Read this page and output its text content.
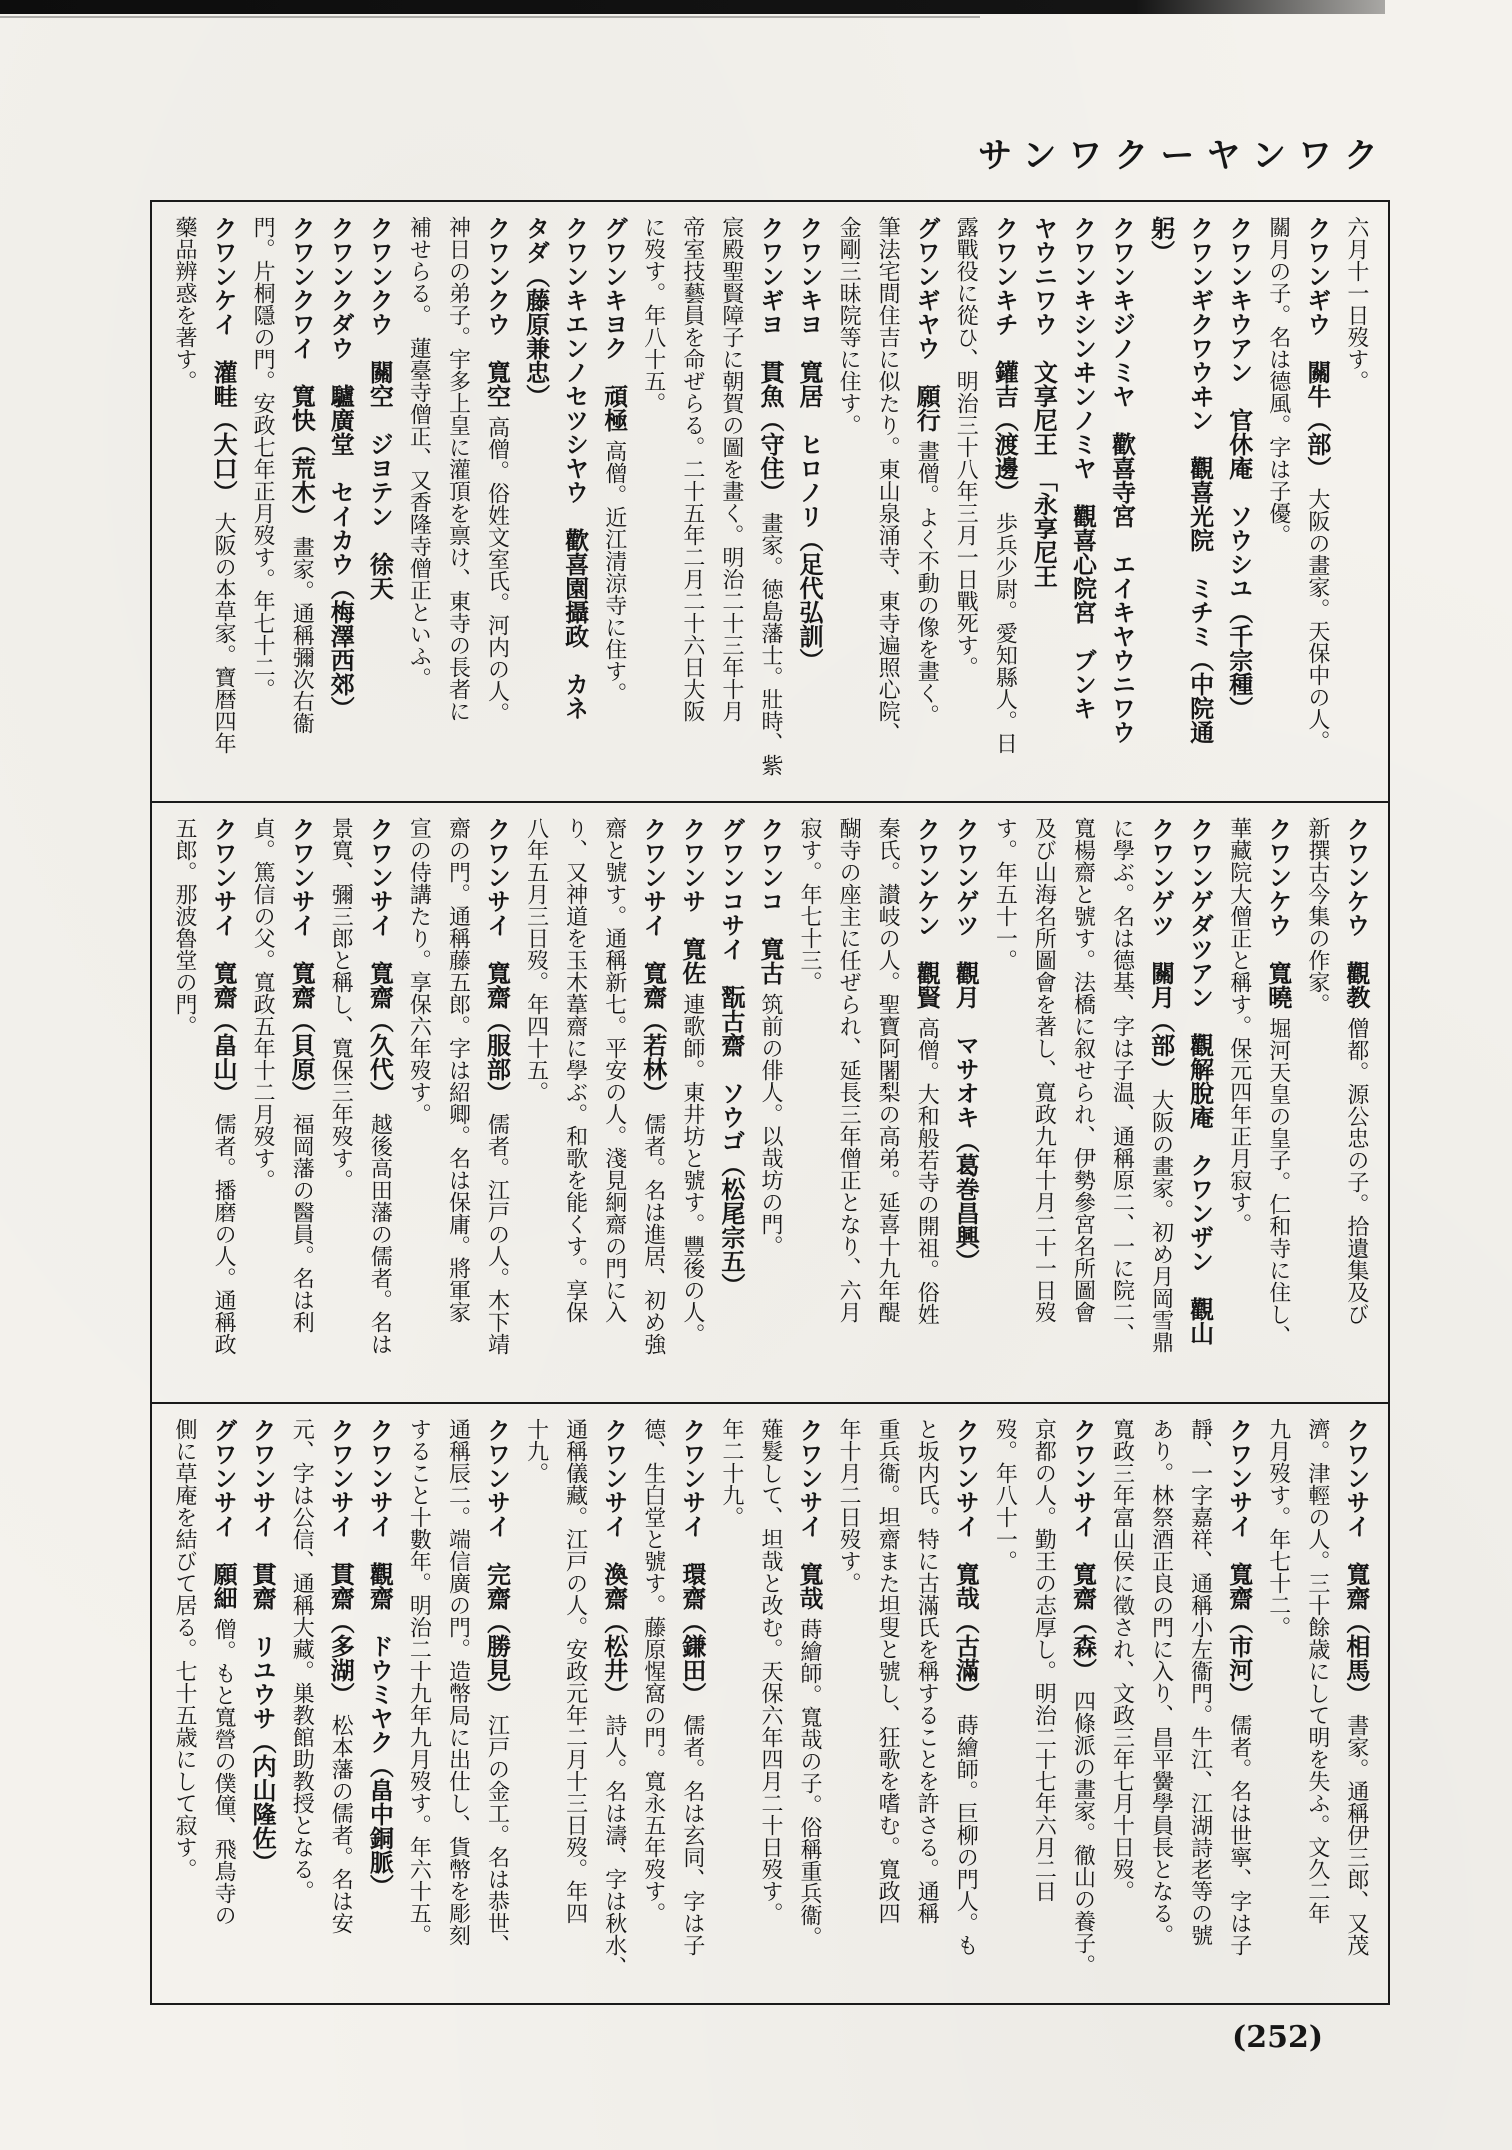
サンワクーヤンワク
六月十一日歿す。
クワンギウ　關牛（部）大阪の畫家。天保中の人。
關月の子。名は德風。字は子優。
クワンキウアン　官休庵　ソウシユ（千宗種）
クワンギクワウヰン　觀喜光院　ミチミ（中院通
躬）
クワンキジノミヤ　歡喜寺宮　エイキヤウニワウ
クワンキシンヰンノミヤ　觀喜心院宮　ブンキ
ヤウニワウ　文享尼王　「永享尼王
クワンキチ　鑵吉（渡邊）歩兵少尉。愛知縣人。日
露戰役に從ひ、明治三十八年三月一日戰死す。
グワンギヤウ　願行畫僧。よく不動の像を畫く。
筆法宅間住吉に似たり。東山泉涌寺、東寺遍照心院、
金剛三昧院等に住す。
クワンキヨ　寬居　ヒロノリ（足代弘訓）
クワンギヨ　貫魚（守住）畫家。徳島藩士。壯時、紫
宸殿聖賢障子に朝賀の圖を畫く。明治二十三年十月
帝室技藝員を命ぜらる。二十五年二月二十六日大阪
に歿す。年八十五。
グワンキヨク　頑極高僧。近江清涼寺に住す。
クワンキエンノセツシヤウ　歡喜園攝政　カネ
タダ（藤原兼忠）
クワンクウ　寬空高僧。俗姓文室氏。河内の人。
神日の弟子。宇多上皇に灌頂を禀け、東寺の長者に
補せらる。　蓮臺寺僧正、又香隆寺僧正といふ。
クワンクウ　關空　ジヨテン　徐天
クワンクダウ　驢廣堂　セイカウ（梅澤西郊）
クワンクワイ　寬快（荒木）畫家。通稱彌次右衞
門。片桐隱の門。安政七年正月歿す。年七十二。
クワンケイ　灌畦（大口）大阪の本草家。寶暦四年
藥品辨惑を著す。
クワンケウ　觀教僧都。源公忠の子。拾遺集及び
新撰古今集の作家。
クワンケウ　寬曉堀河天皇の皇子。仁和寺に住し、
華藏院大僧正と稱す。保元四年正月寂す。
クワンゲダツアン　觀解脫庵　クワンザン　觀山
クワンゲツ　關月（部）大阪の畫家。初め月岡雪鼎
に學ぶ。名は德基、字は子温、通稱原二、一に院二、
寬楊齋と號す。法橋に叙せられ、伊勢參宮名所圖會
及び山海名所圖會を著し、寬政九年十月二十一日歿
す。年五十一。
クワンゲツ　觀月　マサオキ（葛巻昌興）
クワンケン　觀賢高僧。大和般若寺の開祖。俗姓
秦氏。讃岐の人。聖寶阿闍梨の高弟。延喜十九年醍
醐寺の座主に任ぜられ、延長三年僧正となり、六月
寂す。年七十三。
クワンコ　寬古筑前の俳人。以哉坊の門。
グワンコサイ　翫古齋　ソウゴ（松尾宗五）
クワンサ　寬佐連歌師。東井坊と號す。豐後の人。
クワンサイ　寬齋（若林）儒者。名は進居、初め強
齋と號す。通稱新七。平安の人。淺見絅齋の門に入
り、又神道を玉木葦齋に學ぶ。和歌を能くす。享保
八年五月三日歿。年四十五。
クワンサイ　寬齋（服部）儒者。江戸の人。木下靖
齋の門。通稱藤五郎。字は紹卿。名は保庸。將軍家
宣の侍講たり。享保六年歿す。
クワンサイ　寬齋（久代）越後高田藩の儒者。名は
景寬、彌三郎と稱し、寬保三年歿す。
クワンサイ　寬齋（貝原）福岡藩の醫員。名は利
貞。篤信の父。寬政五年十二月歿す。
クワンサイ　寬齋（畠山）儒者。播磨の人。通稱政
五郎。那波魯堂の門。
クワンサイ　寬齋（相馬）書家。通稱伊三郎、又茂
濟。津輕の人。三十餘歳にして明を失ふ。文久二年
九月歿す。年七十二。
クワンサイ　寬齋（市河）儒者。名は世寧、字は子
靜、一字嘉祥、通稱小左衞門。牛江、江湖詩老等の號
あり。林祭酒正良の門に入り、昌平黌學員長となる。
寬政三年富山侯に徵され、文政三年七月十日歿。
クワンサイ　寬齋（森）四條派の畫家。徹山の養子。
京都の人。勤王の志厚し。明治二十七年六月二日
歿。年八十一。
クワンサイ　寬哉（古滿）蒔繪師。巨柳の門人。も
と坂内氏。特に古滿氏を稱することを許さる。通稱
重兵衞。坦齋また坦叟と號し、狂歌を嗜む。寬政四
年十月二日歿す。
クワンサイ　寬哉蒔繪師。寬哉の子。俗稱重兵衞。
薙髮して、坦哉と改む。天保六年四月二十日歿す。
年二十九。
クワンサイ　環齋（鎌田）儒者。名は玄同、字は子
德、生白堂と號す。藤原惺窩の門。寬永五年歿す。
クワンサイ　渙齋（松井）詩人。名は濤、字は秋水、
通稱儀藏。江戸の人。安政元年二月十三日歿。年四
十九。
クワンサイ　完齋（勝見）江戸の金工。名は恭世、
通稱辰二。端信廣の門。造幣局に出仕し、貨幣を彫刻
すること十數年。明治二十九年九月歿す。年六十五。
クワンサイ　觀齋　ドウミヤク（畠中銅脈）
クワンサイ　貫齋（多湖）松本藩の儒者。名は安
元、字は公信、通稱大藏。巣教館助教授となる。
クワンサイ　貫齋　リユウサ（内山隆佐）
グワンサイ　願細僧。もと寬營の僕僮、飛鳥寺の
側に草庵を結びて居る。七十五歳にして寂す。
(252)
